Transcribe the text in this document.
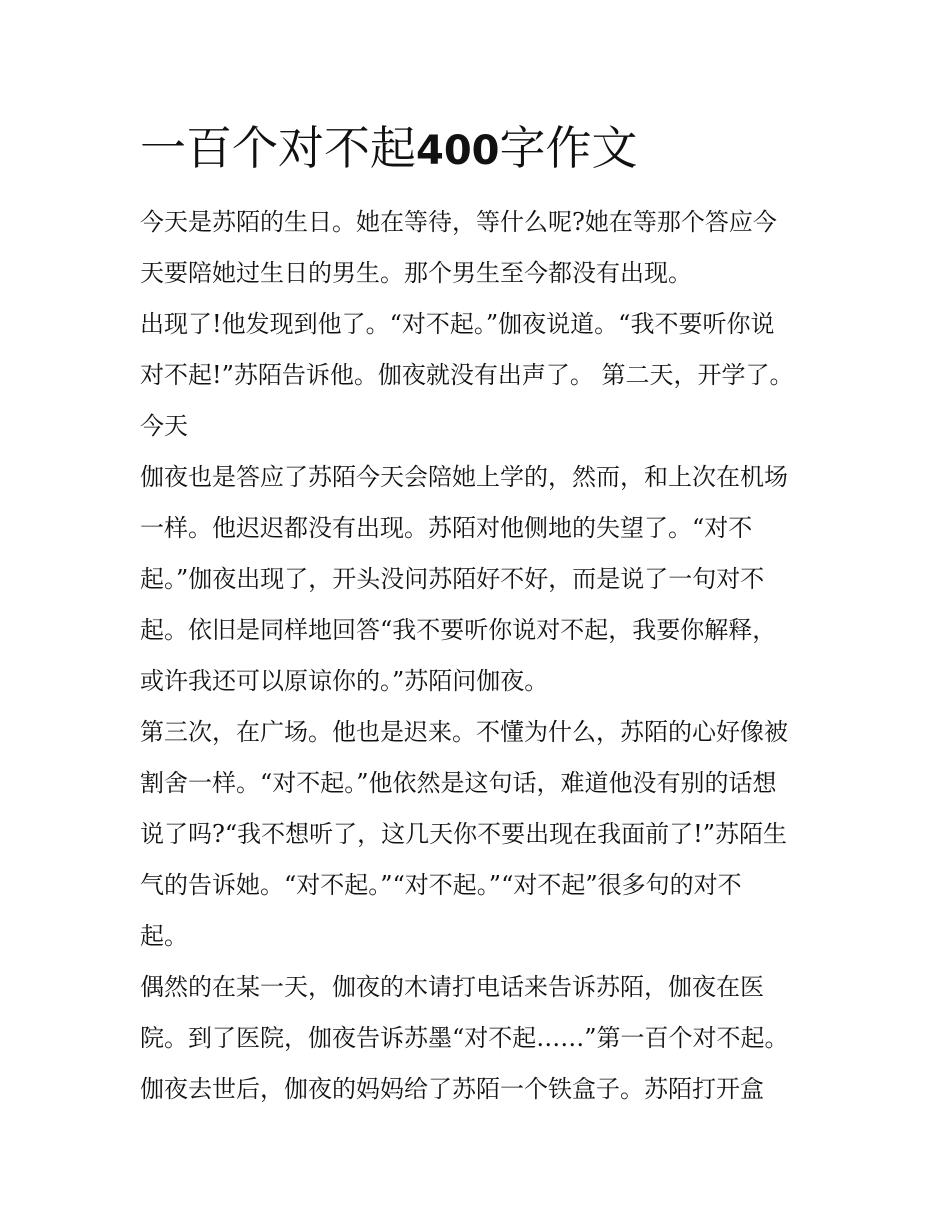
一百个对不起400字作文
今天是苏陌的生日。她在等待，等什么呢?她在等那个答应今
天要陪她过生日的男生。那个男生至今都没有出现。
出现了!他发现到他了。“对不起。”伽夜说道。“我不要听你说
对不起!”苏陌告诉他。伽夜就没有出声了。 第二天，开学了。
今天
伽夜也是答应了苏陌今天会陪她上学的，然而，和上次在机场
一样。他迟迟都没有出现。苏陌对他侧地的失望了。“对不
起。”伽夜出现了，开头没问苏陌好不好，而是说了一句对不
起。依旧是同样地回答“我不要听你说对不起，我要你解释，
或许我还可以原谅你的。”苏陌问伽夜。
第三次，在广场。他也是迟来。不懂为什么，苏陌的心好像被
割舍一样。“对不起。”他依然是这句话，难道他没有别的话想
说了吗?“我不想听了，这几天你不要出现在我面前了!”苏陌生
气的告诉她。“对不起。”“对不起。”“对不起”很多句的对不
起。
偶然的在某一天，伽夜的木请打电话来告诉苏陌，伽夜在医
院。到了医院，伽夜告诉苏墨“对不起……”第一百个对不起。
伽夜去世后，伽夜的妈妈给了苏陌一个铁盒子。苏陌打开盒
